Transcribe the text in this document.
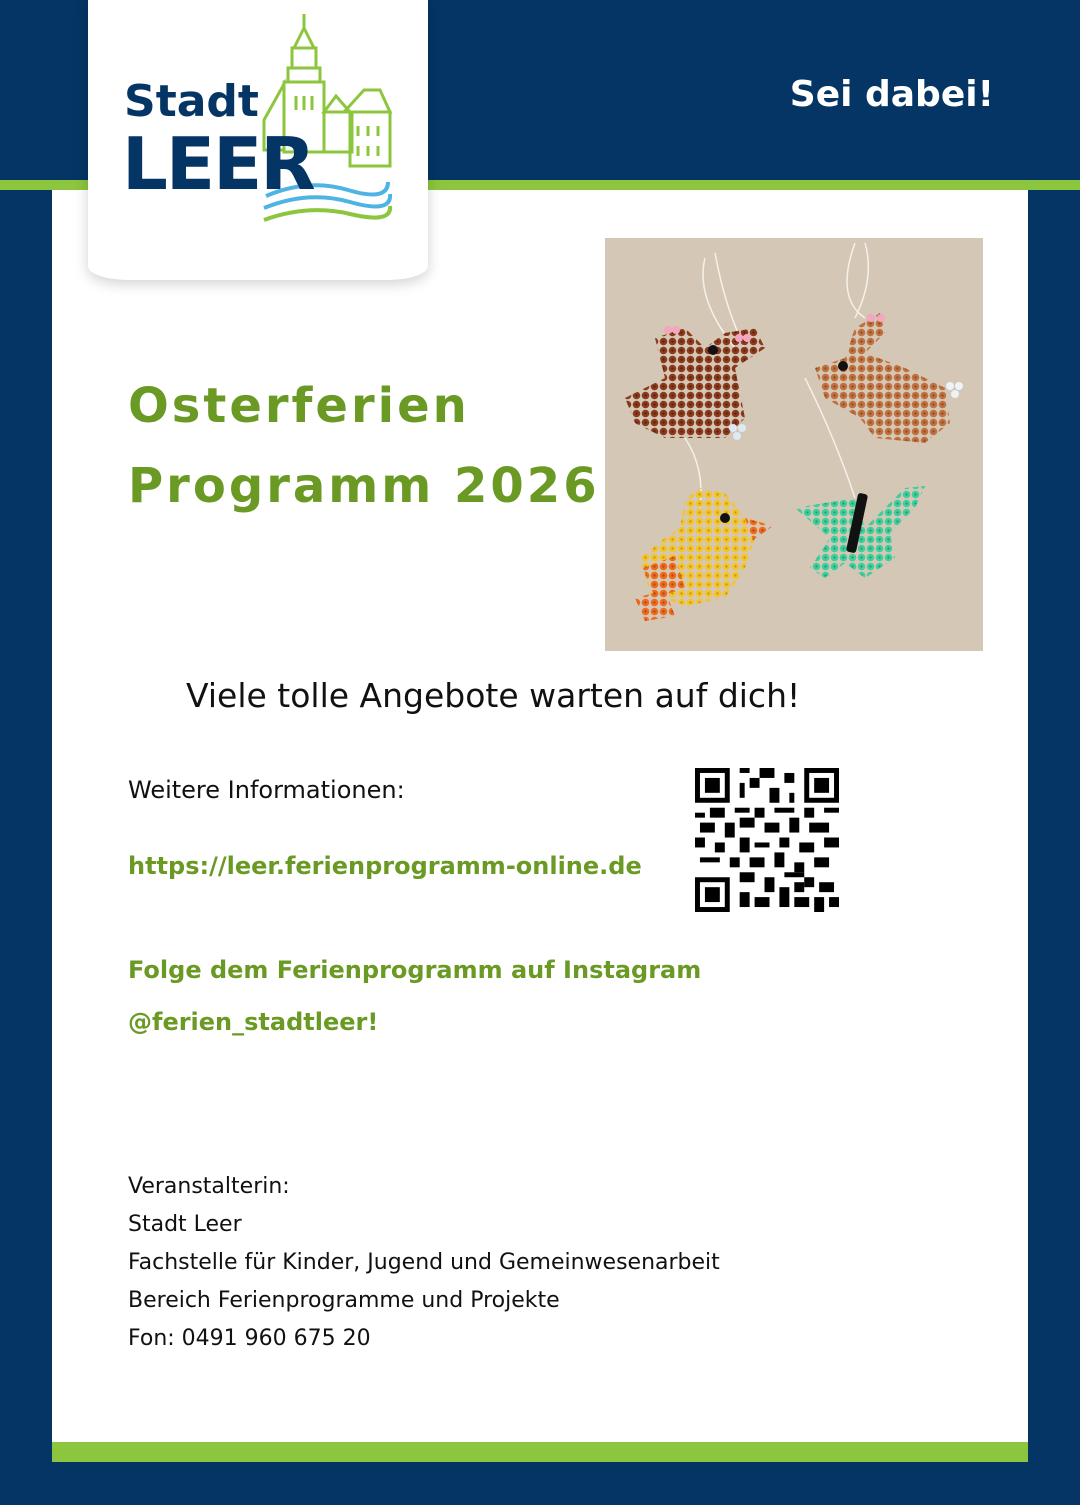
Stadt
LEER
Sei dabei!
Osterferien
Programm 2026
Viele tolle Angebote warten auf dich!
Weitere Informationen:
https://leer.ferienprogramm-online.de
Folge dem Ferienprogramm auf Instagram
@ferien_stadtleer!
Veranstalterin:
Stadt Leer
Fachstelle für Kinder, Jugend und Gemeinwesenarbeit
Bereich Ferienprogramme und Projekte
Fon: 0491 960 675 20
